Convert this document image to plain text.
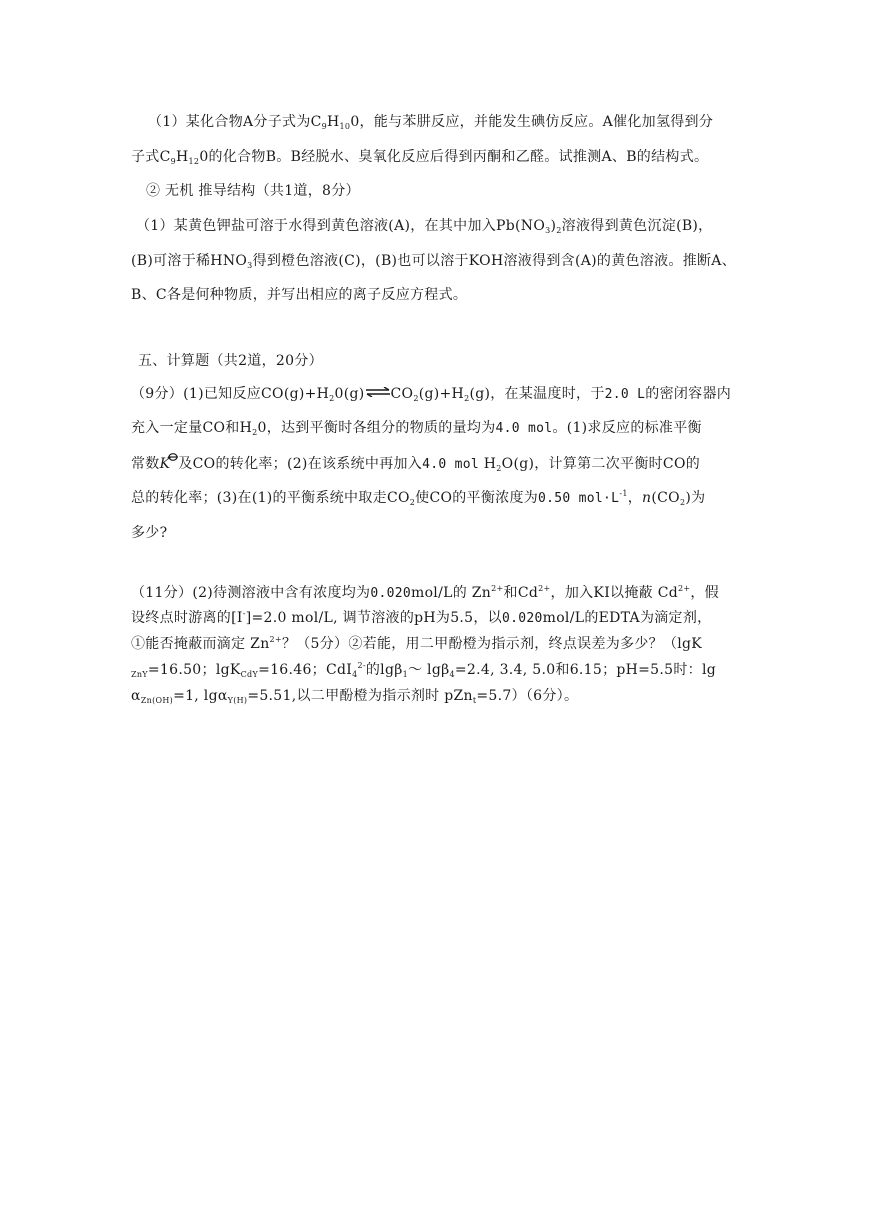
（1）某化合物A分子式为$C_9H_{10}0$，能与苯肼反应，并能发生碘仿反应。A催化加氢得到分
子式$C_9H_{12}0$的化合物B。B经脱水、臭氧化反应后得到丙酮和乙醛。试推测A、B的结构式。
② 无机 推导结构（共1道，8分）
（1）某黄色钾盐可溶于水得到黄色溶液(A)，在其中加入$Pb(NO_3)_2$溶液得到黄色沉淀(B)，
(B)可溶于稀$HNO_3$得到橙色溶液(C)，(B)也可以溶于KOH溶液得到含(A)的黄色溶液。推断A、
B、C各是何种物质，并写出相应的离子反应方程式。
五、计算题（共2道，20分）
（9分）(1)已知反应$CO(g)+H_20(g)\rightleftharpoons CO_2(g)+H_2(g)$，在某温度时，于2.0 L的密闭容器内
充入一定量CO和$H_20$，达到平衡时各组分的物质的量均为4.0 mol。(1)求反应的标准平衡
常数K 及CO的转化率；(2)在该系统中再加入4.0 mol $H_2O(g)$，计算第二次平衡时CO的
总的转化率；(3)在(1)的平衡系统中取走$CO_2$使CO的平衡浓度为0.50 $mol\cdot L^{-1}$，$n(CO_2)$为
多少?
（11分）(2)待测溶液中含有浓度均为0.020mol/L的 $Zn^{2+}$和$Cd^{2+}$，加入KI以掩蔽 $Cd^{2+}$，假
设终点时游离的[I-]=2.0 mol/L, 调节溶液的pH为5.5，以0.020mol/L的EDTA为滴定剂，
①能否掩蔽而滴定 $Zn^{2+}$？（5分）②若能，用二甲酚橙为指示剂，终点误差为多少？（lgK
$_{ZnY}$=16.50；lgK$_{CdY}$=16.46；CdI$_4^{2-}$的lgβ$_1$～ lgβ$_4$=2.4, 3.4, 5.0和6.15；pH=5.5时：lg
$\alpha_{Zn(OH)}=1$, lgα$_{Y(H)}$=5.51,以二甲酚橙为指示剂时 pZn$_t$=5.7）（6分）。
